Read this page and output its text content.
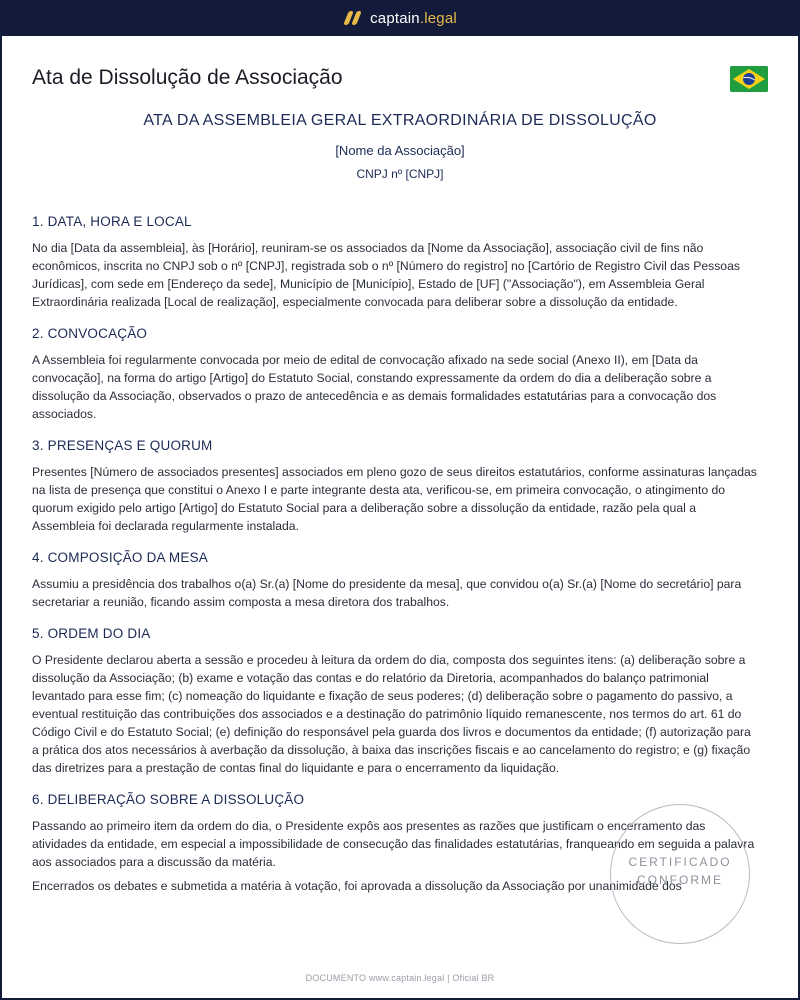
captain.legal
Ata de Dissolução de Associação
ATA DA ASSEMBLEIA GERAL EXTRAORDINÁRIA DE DISSOLUÇÃO
[Nome da Associação]
CNPJ nº [CNPJ]
1. DATA, HORA E LOCAL

No dia [Data da assembleia], às [Horário], reuniram-se os associados da [Nome da Associação], associação civil de fins não econômicos, inscrita no CNPJ sob o nº [CNPJ], registrada sob o nº [Número do registro] no [Cartório de Registro Civil das Pessoas Jurídicas], com sede em [Endereço da sede], Município de [Município], Estado de [UF] ("Associação"), em Assembleia Geral Extraordinária realizada [Local de realização], especialmente convocada para deliberar sobre a dissolução da entidade.

2. CONVOCAÇÃO

A Assembleia foi regularmente convocada por meio de edital de convocação afixado na sede social (Anexo II), em [Data da convocação], na forma do artigo [Artigo] do Estatuto Social, constando expressamente da ordem do dia a deliberação sobre a dissolução da Associação, observados o prazo de antecedência e as demais formalidades estatutárias para a convocação dos associados.

3. PRESENÇAS E QUORUM

Presentes [Número de associados presentes] associados em pleno gozo de seus direitos estatutários, conforme assinaturas lançadas na lista de presença que constitui o Anexo I e parte integrante desta ata, verificou-se, em primeira convocação, o atingimento do quorum exigido pelo artigo [Artigo] do Estatuto Social para a deliberação sobre a dissolução da entidade, razão pela qual a Assembleia foi declarada regularmente instalada.

4. COMPOSIÇÃO DA MESA

Assumiu a presidência dos trabalhos o(a) Sr.(a) [Nome do presidente da mesa], que convidou o(a) Sr.(a) [Nome do secretário] para secretariar a reunião, ficando assim composta a mesa diretora dos trabalhos.

5. ORDEM DO DIA

O Presidente declarou aberta a sessão e procedeu à leitura da ordem do dia, composta dos seguintes itens: (a) deliberação sobre a dissolução da Associação; (b) exame e votação das contas e do relatório da Diretoria, acompanhados do balanço patrimonial levantado para esse fim; (c) nomeação do liquidante e fixação de seus poderes; (d) deliberação sobre o pagamento do passivo, a eventual restituição das contribuições dos associados e a destinação do patrimônio líquido remanescente, nos termos do art. 61 do Código Civil e do Estatuto Social; (e) definição do responsável pela guarda dos livros e documentos da entidade; (f) autorização para a prática dos atos necessários à averbação da dissolução, à baixa das inscrições fiscais e ao cancelamento do registro; e (g) fixação das diretrizes para a prestação de contas final do liquidante e para o encerramento da liquidação.

6. DELIBERAÇÃO SOBRE A DISSOLUÇÃO

Passando ao primeiro item da ordem do dia, o Presidente expôs aos presentes as razões que justificam o encerramento das atividades da entidade, em especial a impossibilidade de consecução das finalidades estatutárias, franqueando em seguida a palavra aos associados para a discussão da matéria.

Encerrados os debates e submetida a matéria à votação, foi aprovada a dissolução da Associação por unanimidade dos

CERTIFICADO
CONFORME
DOCUMENTO www.captain.legal | Oficial BR
